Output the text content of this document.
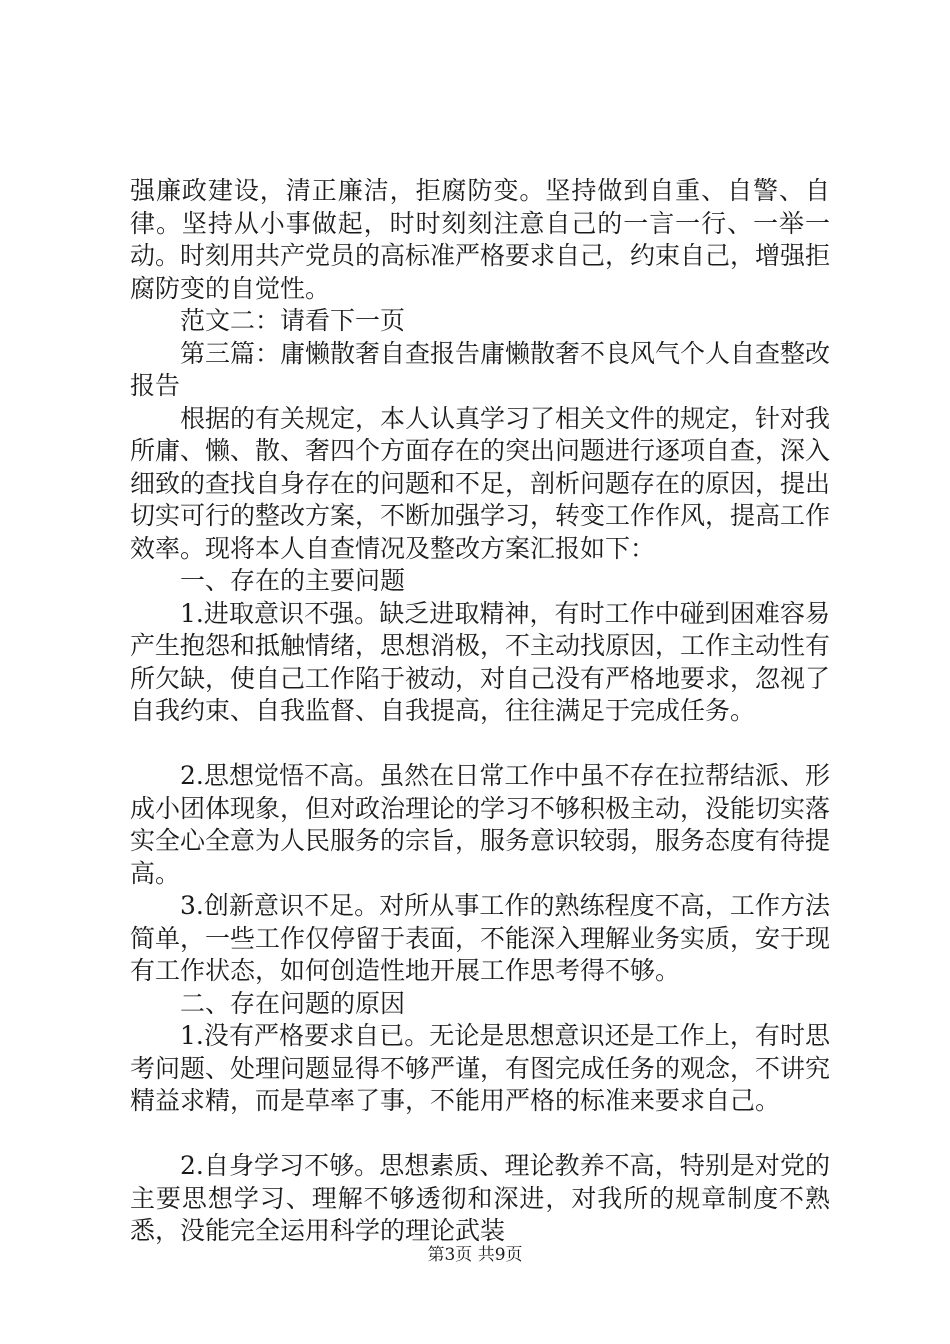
强廉政建设，清正廉洁，拒腐防变。坚持做到自重、自警、自律。坚持从小事做起，时时刻刻注意自己的一言一行、一举一动。时刻用共产党员的高标准严格要求自己，约束自己，增强拒腐防变的自觉性。

范文二：请看下一页

第三篇：庸懒散奢自查报告庸懒散奢不良风气个人自查整改报告

根据的有关规定，本人认真学习了相关文件的规定，针对我所庸、懒、散、奢四个方面存在的突出问题进行逐项自查，深入细致的查找自身存在的问题和不足，剖析问题存在的原因，提出切实可行的整改方案，不断加强学习，转变工作作风，提高工作效率。现将本人自查情况及整改方案汇报如下：

一、存在的主要问题

1.进取意识不强。缺乏进取精神，有时工作中碰到困难容易产生抱怨和抵触情绪，思想消极，不主动找原因，工作主动性有所欠缺，使自己工作陷于被动，对自己没有严格地要求，忽视了自我约束、自我监督、自我提高，往往满足于完成任务。

2.思想觉悟不高。虽然在日常工作中虽不存在拉帮结派、形成小团体现象，但对政治理论的学习不够积极主动，没能切实落实全心全意为人民服务的宗旨，服务意识较弱，服务态度有待提高。

3.创新意识不足。对所从事工作的熟练程度不高，工作方法简单，一些工作仅停留于表面，不能深入理解业务实质，安于现有工作状态，如何创造性地开展工作思考得不够。

二、存在问题的原因

1.没有严格要求自已。无论是思想意识还是工作上，有时思考问题、处理问题显得不够严谨，有图完成任务的观念，不讲究精益求精，而是草率了事，不能用严格的标准来要求自己。

2.自身学习不够。思想素质、理论教养不高，特别是对党的主要思想学习、理解不够透彻和深进，对我所的规章制度不熟悉，没能完全运用科学的理论武装

第3页 共9页
